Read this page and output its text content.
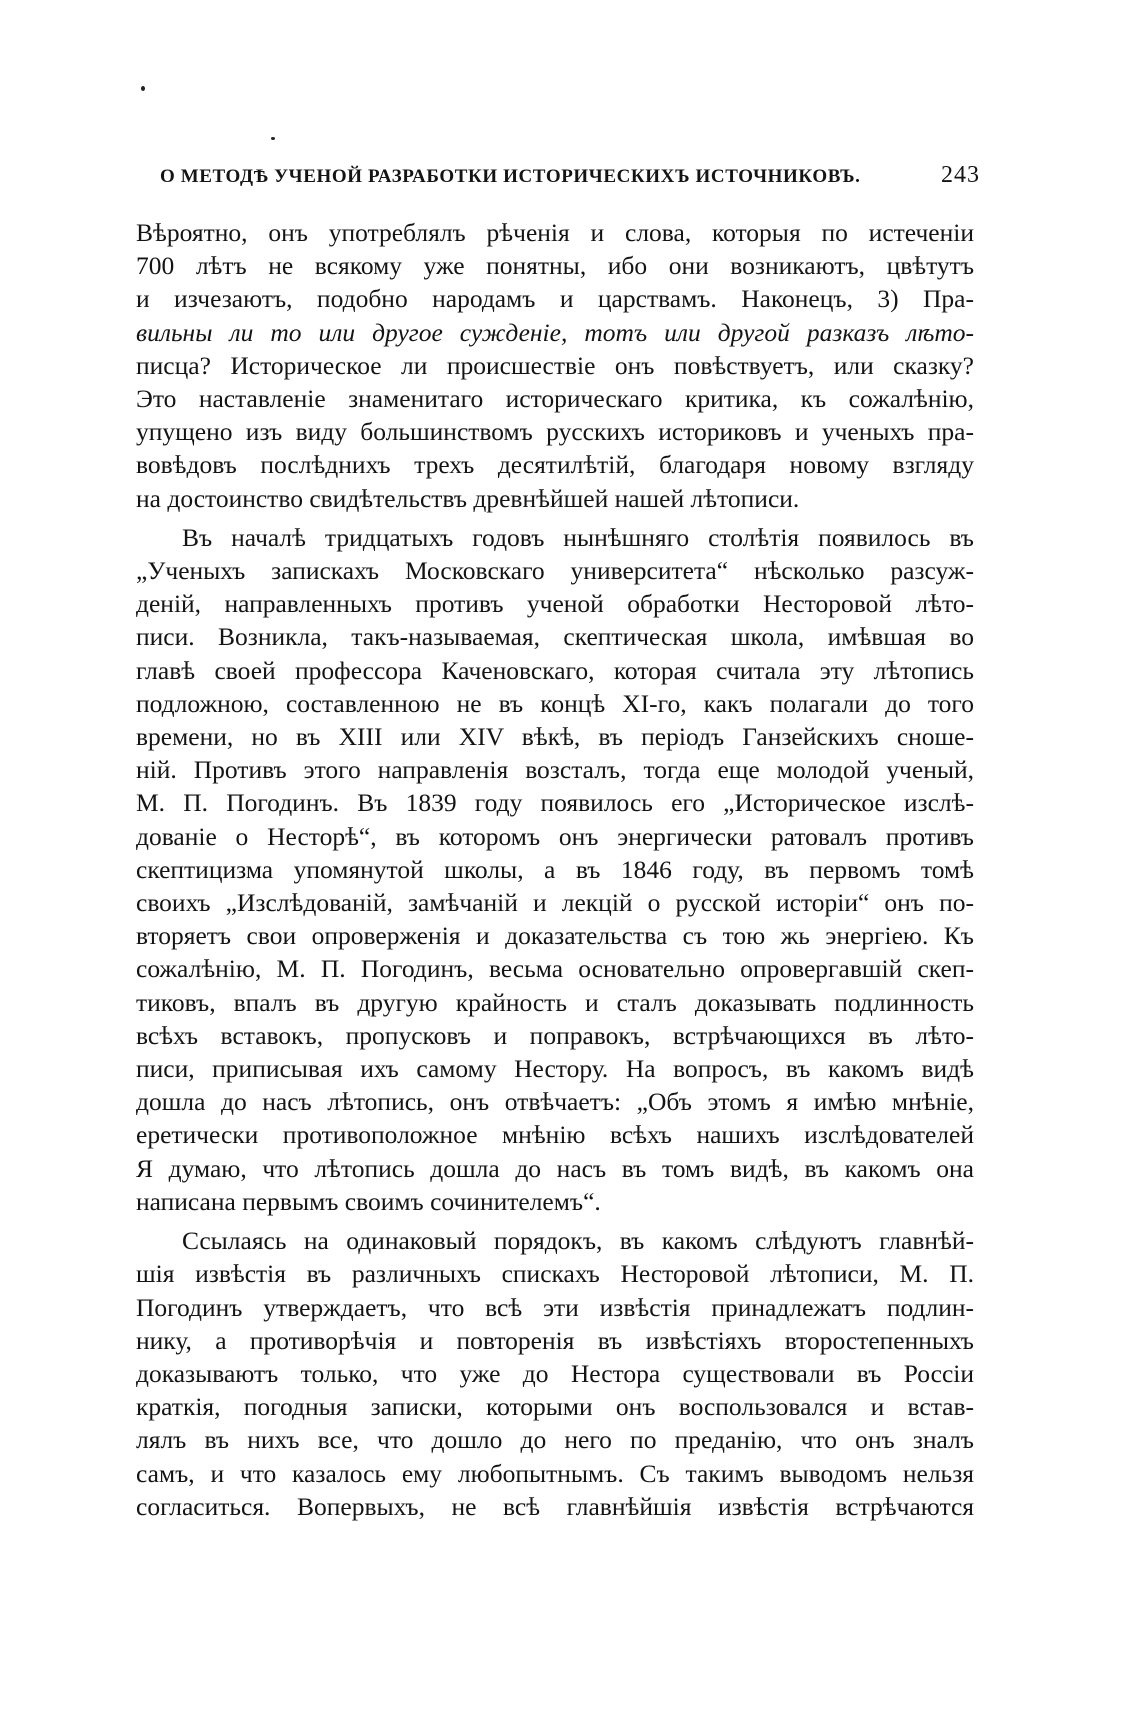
О МЕТОДѢ УЧЕНОЙ РАЗРАБОТКИ ИСТОРИЧЕСКИХЪ ИСТОЧНИКОВЪ.	243

Вѣроятно, онъ употреблялъ рѣченія и слова, которыя по истеченіи
700 лѣтъ не всякому уже понятны, ибо они возникаютъ, цвѣтутъ
и изчезаютъ, подобно народамъ и царствамъ. Наконецъ, 3) Пра-
вильны ли то или другое сужденіе, тотъ или другой разказъ лѣто-
писца? Историческое ли происшествіе онъ повѣствуетъ, или сказку?
Это наставленіе знаменитаго историческаго критика, къ сожалѣнію,
упущено изъ виду большинствомъ русскихъ историковъ и ученыхъ пра-
вовѣдовъ послѣднихъ трехъ десятилѣтій, благодаря новому взгляду
на достоинство свидѣтельствъ древнѣйшей нашей лѣтописи.

Въ началѣ тридцатыхъ годовъ нынѣшняго столѣтія появилось въ
„Ученыхъ запискахъ Московскаго университета“ нѣсколько разсуж-
деній, направленныхъ противъ ученой обработки Несторовой лѣто-
писи. Возникла, такъ-называемая, скептическая школа, имѣвшая во
главѣ своей профессора Каченовскаго, которая считала эту лѣтопись
подложною, составленною не въ концѣ XI-го, какъ полагали до того
времени, но въ XIII или XIV вѣкѣ, въ періодъ Ганзейскихъ сноше-
ній. Противъ этого направленія возсталъ, тогда еще молодой ученый,
М. П. Погодинъ. Въ 1839 году появилось его „Историческое изслѣ-
дованіе о Несторѣ“, въ которомъ онъ энергически ратовалъ противъ
скептицизма упомянутой школы, а въ 1846 году, въ первомъ томѣ
своихъ „Изслѣдованій, замѣчаній и лекцій о русской исторіи“ онъ по-
вторяетъ свои опроверженія и доказательства съ тою жь энергіею. Къ
сожалѣнію, М. П. Погодинъ, весьма основательно опровергавшій скеп-
тиковъ, впалъ въ другую крайность и сталъ доказывать подлинность
всѣхъ вставокъ, пропусковъ и поправокъ, встрѣчающихся въ лѣто-
писи, приписывая ихъ самому Нестору. На вопросъ, въ какомъ видѣ
дошла до насъ лѣтопись, онъ отвѣчаетъ: „Объ этомъ я имѣю мнѣніе,
еретически противоположное мнѣнію всѣхъ нашихъ изслѣдователей
Я думаю, что лѣтопись дошла до насъ въ томъ видѣ, въ какомъ она
написана первымъ своимъ сочинителемъ“.

Ссылаясь на одинаковый порядокъ, въ какомъ слѣдуютъ главнѣй-
шія извѣстія въ различныхъ спискахъ Несторовой лѣтописи, М. П.
Погодинъ утверждаетъ, что всѣ эти извѣстія принадлежатъ подлин-
нику, а противорѣчія и повторенія въ извѣстіяхъ второстепенныхъ
доказываютъ только, что уже до Нестора существовали въ Россіи
краткія, погодныя записки, которыми онъ воспользовался и встав-
лялъ въ нихъ все, что дошло до него по преданію, что онъ зналъ
самъ, и что казалось ему любопытнымъ. Съ такимъ выводомъ нельзя
согласиться. Вопервыхъ, не всѣ главнѣйшія извѣстія встрѣчаются
